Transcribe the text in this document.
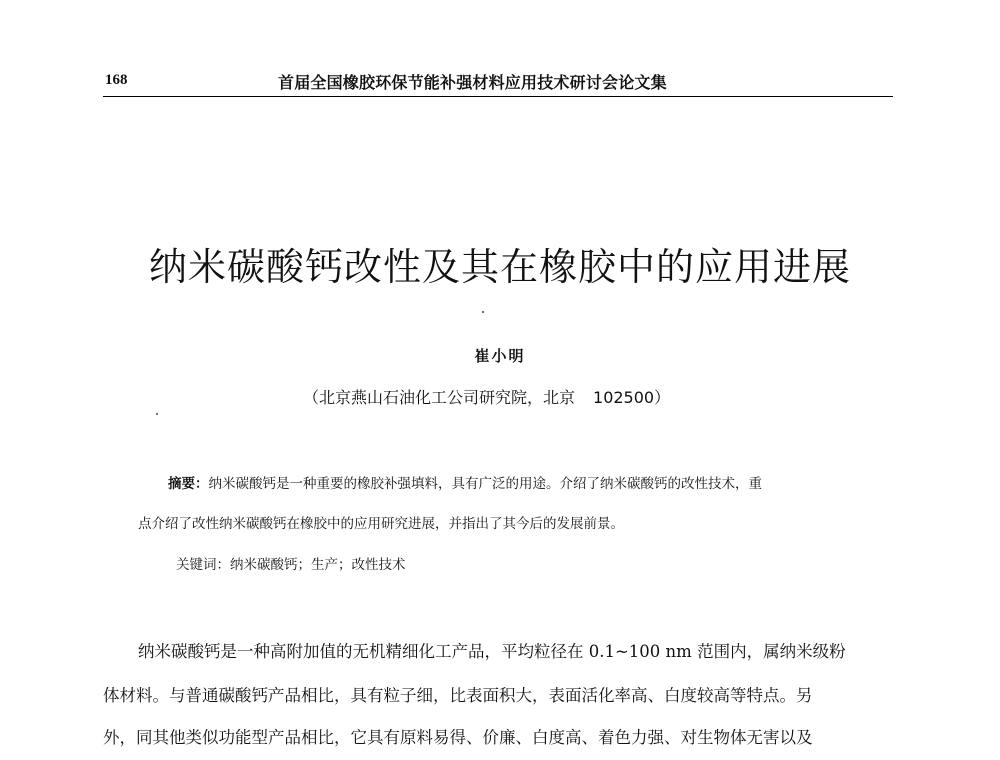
168	首届全国橡胶环保节能补强材料应用技术研讨会论文集
纳米碳酸钙改性及其在橡胶中的应用进展
崔小明
（北京燕山石油化工公司研究院，北京 102500）
摘要：纳米碳酸钙是一种重要的橡胶补强填料，具有广泛的用途。介绍了纳米碳酸钙的改性技术，重
点介绍了改性纳米碳酸钙在橡胶中的应用研究进展，并指出了其今后的发展前景。
关键词：纳米碳酸钙；生产；改性技术
纳米碳酸钙是一种高附加值的无机精细化工产品，平均粒径在 0.1~100 nm 范围内，属纳米级粉
体材料。与普通碳酸钙产品相比，具有粒子细，比表面积大，表面活化率高、白度较高等特点。另
外，同其他类似功能型产品相比，它具有原料易得、价廉、白度高、着色力强、对生物体无害以及
